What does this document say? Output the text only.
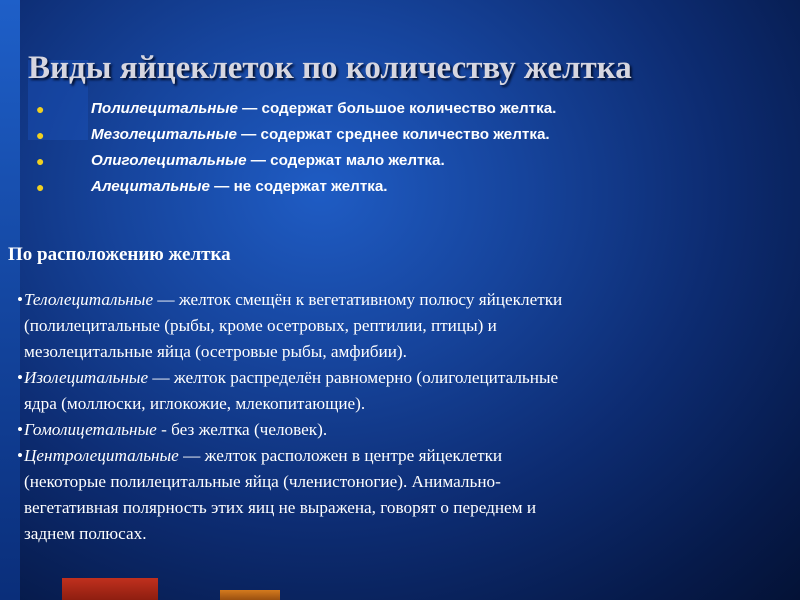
Виды яйцеклеток по количеству желтка
●	Полилецитальные — содержат большое количество желтка.
●	Мезолецитальные — содержат среднее количество желтка.
●	Олиголецитальные — содержат мало желтка.
●	Алецитальные — не содержат желтка.
По расположению желтка
• Телолецитальные — желток смещён к вегетативному полюсу яйцеклетки
(полилецитальные (рыбы, кроме осетровых, рептилии, птицы) и
мезолецитальные яйца (осетровые рыбы, амфибии).
• Изолецитальные — желток распределён равномерно (олиголецитальные
ядра (моллюски, иглокожие, млекопитающие).
• Гомолицетальные - без желтка (человек).
• Центролецитальные — желток расположен в центре яйцеклетки
(некоторые полилецитальные яйца (членистоногие). Анимально-
вегетативная полярность этих яиц не выражена, говорят о переднем и
заднем полюсах.
